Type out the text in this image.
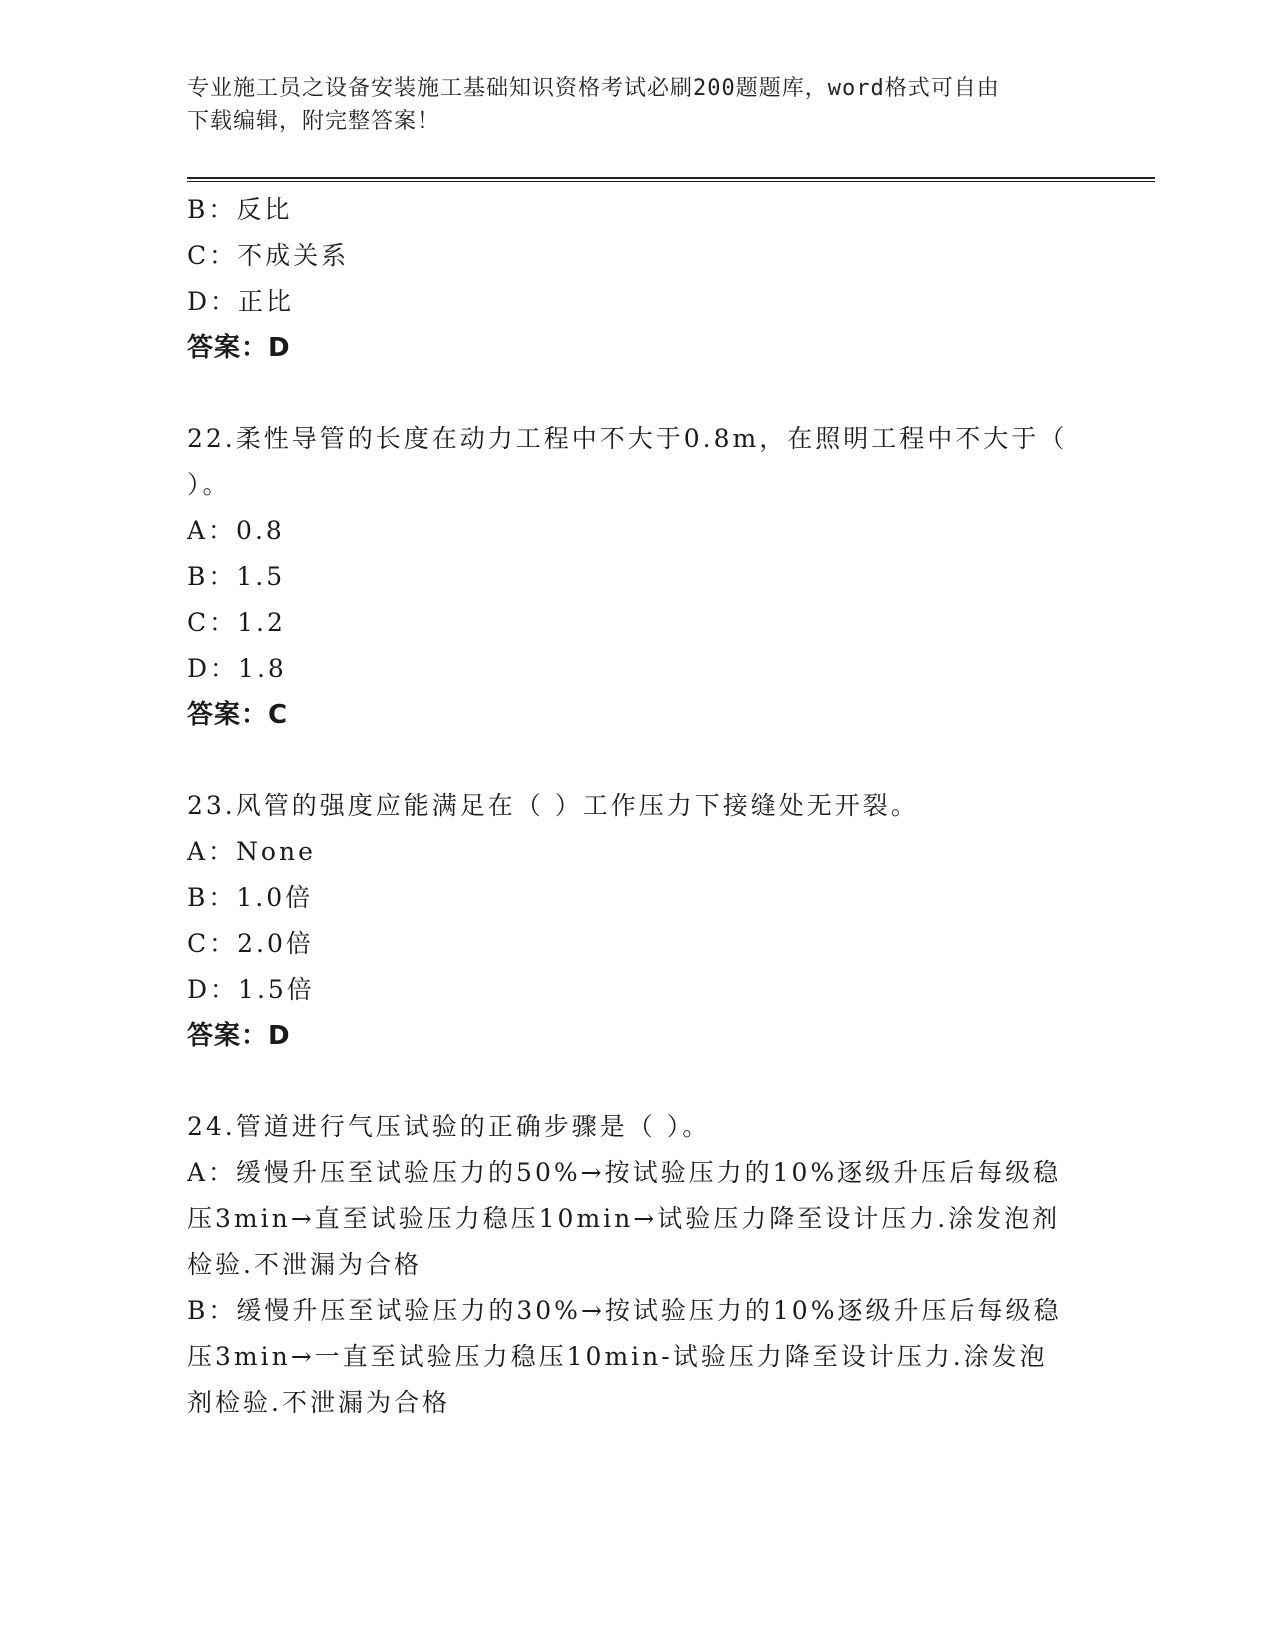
专业施工员之设备安装施工基础知识资格考试必刷200题题库，word格式可自由
下载编辑，附完整答案！
B：反比
C：不成关系
D：正比
答案：D
22.柔性导管的长度在动力工程中不大于0.8m，在照明工程中不大于（
）。
A：0.8
B：1.5
C：1.2
D：1.8
答案：C
23.风管的强度应能满足在（ ）工作压力下接缝处无开裂。
A：None
B：1.0倍
C：2.0倍
D：1.5倍
答案：D
24.管道进行气压试验的正确步骤是（ ）。
A：缓慢升压至试验压力的50%→按试验压力的10%逐级升压后每级稳
压3min→直至试验压力稳压10min→试验压力降至设计压力.涂发泡剂
检验.不泄漏为合格
B：缓慢升压至试验压力的30%→按试验压力的10%逐级升压后每级稳
压3min→一直至试验压力稳压10min-试验压力降至设计压力.涂发泡
剂检验.不泄漏为合格
